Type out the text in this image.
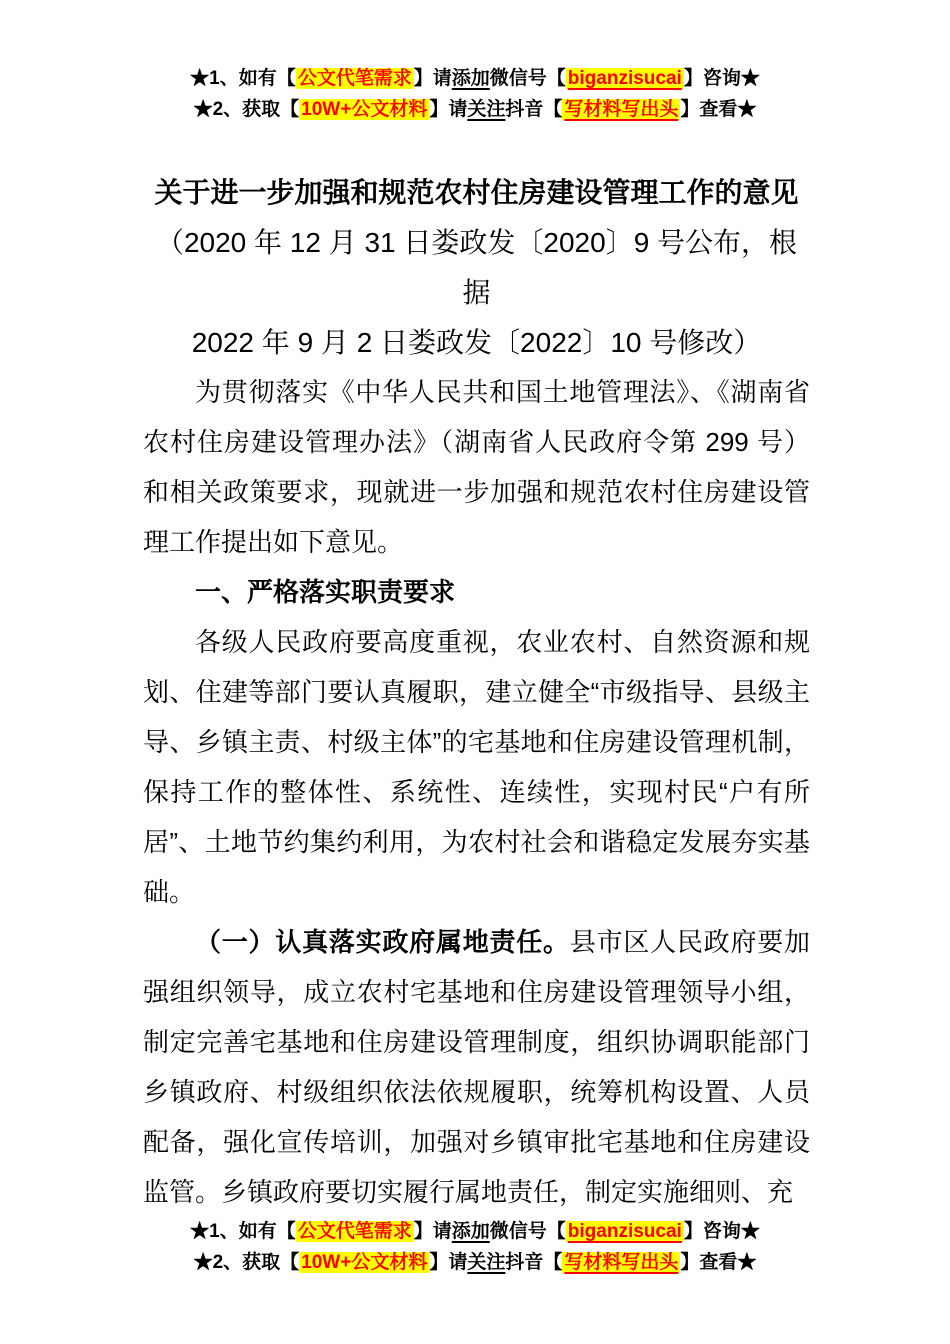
★1、如有【 公文代笔需求 】请添加微信号【 biganzisucai 】咨询★
★2、获取【 10W+公文材料 】请关注抖音【 写材料写出头 】查看★
关于进一步加强和规范农村住房建设管理工作的意见
（2020 年 12 月 31 日娄政发〔2020〕9 号公布，根据
2022 年 9 月 2 日娄政发〔2022〕10 号修改）

为贯彻落实《中华人民共和国土地管理法》、《湖南省农村住房建设管理办法》（湖南省人民政府令第 299 号）和相关政策要求，现就进一步加强和规范农村住房建设管理工作提出如下意见。

一、严格落实职责要求

各级人民政府要高度重视，农业农村、自然资源和规划、住建等部门要认真履职，建立健全“市级指导、县级主导、乡镇主责、村级主体”的宅基地和住房建设管理机制，保持工作的整体性、系统性、连续性，实现村民“户有所居”、土地节约集约利用，为农村社会和谐稳定发展夯实基础。

（一）认真落实政府属地责任。县市区人民政府要加强组织领导，成立农村宅基地和住房建设管理领导小组，制定完善宅基地和住房建设管理制度，组织协调职能部门乡镇政府、村级组织依法依规履职，统筹机构设置、人员配备，强化宣传培训，加强对乡镇审批宅基地和住房建设监管。乡镇政府要切实履行属地责任，制定实施细则、充

★1、如有【 公文代笔需求 】请添加微信号【 biganzisucai 】咨询★
★2、获取【 10W+公文材料 】请关注抖音【 写材料写出头 】查看★
